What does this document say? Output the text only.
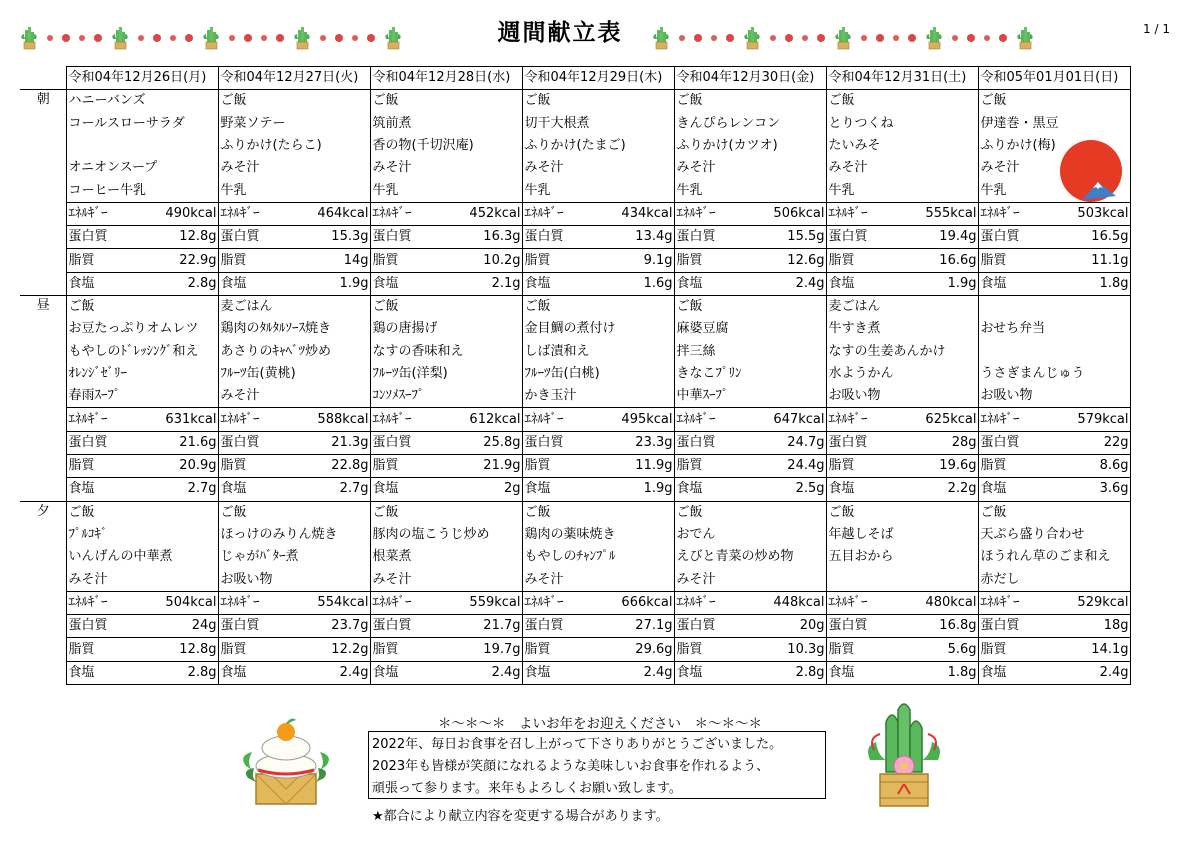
1 / 1
週間献立表
	令和04年12月26日(月)		令和04年12月27日(火)		令和04年12月28日(水)		令和04年12月29日(木)		令和04年12月30日(金)		令和04年12月31日(土)		令和05年01月01日(日)	
朝	ハニーバンズ		ご飯		ご飯		ご飯		ご飯		ご飯		ご飯	
	コールスローサラダ		野菜ソテー		筑前煮		切干大根煮		きんぴらレンコン		とりつくね		伊達巻・黒豆	
			ふりかけ(たらこ)		香の物(千切沢庵)		ふりかけ(たまご)		ふりかけ(カツオ)		たいみそ		ふりかけ(梅)	
	オニオンスープ		みそ汁		みそ汁		みそ汁		みそ汁		みそ汁		みそ汁	
	コーヒー牛乳		牛乳		牛乳		牛乳		牛乳		牛乳		牛乳	
	ｴﾈﾙｷﾞｰ	490kcal	ｴﾈﾙｷﾞｰ	464kcal	ｴﾈﾙｷﾞｰ	452kcal	ｴﾈﾙｷﾞｰ	434kcal	ｴﾈﾙｷﾞｰ	506kcal	ｴﾈﾙｷﾞｰ	555kcal	ｴﾈﾙｷﾞｰ	503kcal
	蛋白質	12.8g	蛋白質	15.3g	蛋白質	16.3g	蛋白質	13.4g	蛋白質	15.5g	蛋白質	19.4g	蛋白質	16.5g
	脂質	22.9g	脂質	14g	脂質	10.2g	脂質	9.1g	脂質	12.6g	脂質	16.6g	脂質	11.1g
	食塩	2.8g	食塩	1.9g	食塩	2.1g	食塩	1.6g	食塩	2.4g	食塩	1.9g	食塩	1.8g
昼	ご飯		麦ごはん		ご飯		ご飯		ご飯		麦ごはん			
	お豆たっぷりオムレツ		鶏肉のﾀﾙﾀﾙｿｰｽ焼き		鶏の唐揚げ		金目鯛の煮付け		麻婆豆腐		牛すき煮		おせち弁当	
	もやしのﾄﾞﾚｯｼﾝｸﾞ和え		あさりのｷｬﾍﾞﾂ炒め		なすの香味和え		しば漬和え		拌三絲		なすの生姜あんかけ			
	ｵﾚﾝｼﾞｾﾞﾘｰ		ﾌﾙｰﾂ缶(黄桃)		ﾌﾙｰﾂ缶(洋梨)		ﾌﾙｰﾂ缶(白桃)		きなこﾌﾟﾘﾝ		水ようかん		うさぎまんじゅう	
	春雨ｽｰﾌﾟ		みそ汁		ｺﾝｿﾒｽｰﾌﾟ		かき玉汁		中華ｽｰﾌﾟ		お吸い物		お吸い物	
	ｴﾈﾙｷﾞｰ	631kcal	ｴﾈﾙｷﾞｰ	588kcal	ｴﾈﾙｷﾞｰ	612kcal	ｴﾈﾙｷﾞｰ	495kcal	ｴﾈﾙｷﾞｰ	647kcal	ｴﾈﾙｷﾞｰ	625kcal	ｴﾈﾙｷﾞｰ	579kcal
	蛋白質	21.6g	蛋白質	21.3g	蛋白質	25.8g	蛋白質	23.3g	蛋白質	24.7g	蛋白質	28g	蛋白質	22g
	脂質	20.9g	脂質	22.8g	脂質	21.9g	脂質	11.9g	脂質	24.4g	脂質	19.6g	脂質	8.6g
	食塩	2.7g	食塩	2.7g	食塩	2g	食塩	1.9g	食塩	2.5g	食塩	2.2g	食塩	3.6g
夕	ご飯		ご飯		ご飯		ご飯		ご飯		ご飯		ご飯	
	ﾌﾟﾙｺｷﾞ		ほっけのみりん焼き		豚肉の塩こうじ炒め		鶏肉の薬味焼き		おでん		年越しそば		天ぷら盛り合わせ	
	いんげんの中華煮		じゃがﾊﾞﾀｰ煮		根菜煮		もやしのﾁｬﾝﾌﾟﾙ		えびと青菜の炒め物		五目おから		ほうれん草のごま和え	
	みそ汁		お吸い物		みそ汁		みそ汁		みそ汁				赤だし	
	ｴﾈﾙｷﾞｰ	504kcal	ｴﾈﾙｷﾞｰ	554kcal	ｴﾈﾙｷﾞｰ	559kcal	ｴﾈﾙｷﾞｰ	666kcal	ｴﾈﾙｷﾞｰ	448kcal	ｴﾈﾙｷﾞｰ	480kcal	ｴﾈﾙｷﾞｰ	529kcal
	蛋白質	24g	蛋白質	23.7g	蛋白質	21.7g	蛋白質	27.1g	蛋白質	20g	蛋白質	16.8g	蛋白質	18g
	脂質	12.8g	脂質	12.2g	脂質	19.7g	脂質	29.6g	脂質	10.3g	脂質	5.6g	脂質	14.1g
	食塩	2.8g	食塩	2.4g	食塩	2.4g	食塩	2.4g	食塩	2.8g	食塩	1.8g	食塩	2.4g
＊～＊～＊　よいお年をお迎えください　＊～＊～＊
2022年、毎日お食事を召し上がって下さりありがとうございました。
2023年も皆様が笑顔になれるような美味しいお食事を作れるよう、
頑張って参ります。来年もよろしくお願い致します。
★都合により献立内容を変更する場合があります。
